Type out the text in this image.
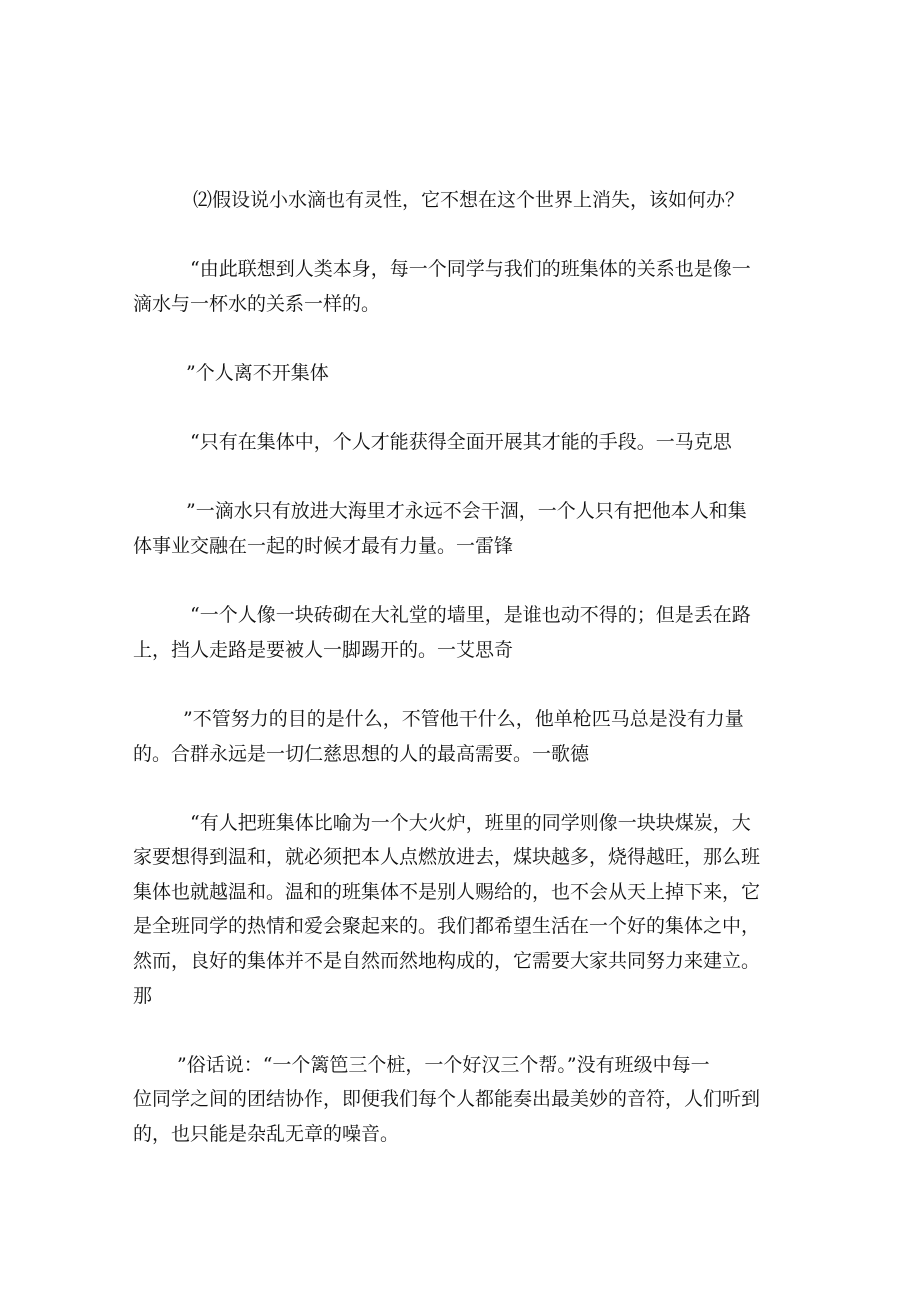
⑵假设说小水滴也有灵性，它不想在这个世界上消失，该如何办？

“由此联想到人类本身，每一个同学与我们的班集体的关系也是像一
滴水与一杯水的关系一样的。

”个人离不开集体

“只有在集体中，个人才能获得全面开展其才能的手段。一马克思

”一滴水只有放进大海里才永远不会干涸，一个人只有把他本人和集
体事业交融在一起的时候才最有力量。一雷锋

“一个人像一块砖砌在大礼堂的墙里，是谁也动不得的；但是丢在路
上，挡人走路是要被人一脚踢开的。一艾思奇

”不管努力的目的是什么，不管他干什么，他单枪匹马总是没有力量
的。合群永远是一切仁慈思想的人的最高需要。一歌德

“有人把班集体比喻为一个大火炉，班里的同学则像一块块煤炭，大
家要想得到温和，就必须把本人点燃放进去，煤块越多，烧得越旺，那么班
集体也就越温和。温和的班集体不是别人赐给的，也不会从天上掉下来，它
是全班同学的热情和爱会聚起来的。我们都希望生活在一个好的集体之中，
然而，良好的集体并不是自然而然地构成的，它需要大家共同努力来建立。
那

”俗话说：“一个篱笆三个桩，一个好汉三个帮。”没有班级中每一
位同学之间的团结协作，即便我们每个人都能奏出最美妙的音符，人们听到
的，也只能是杂乱无章的噪音。
